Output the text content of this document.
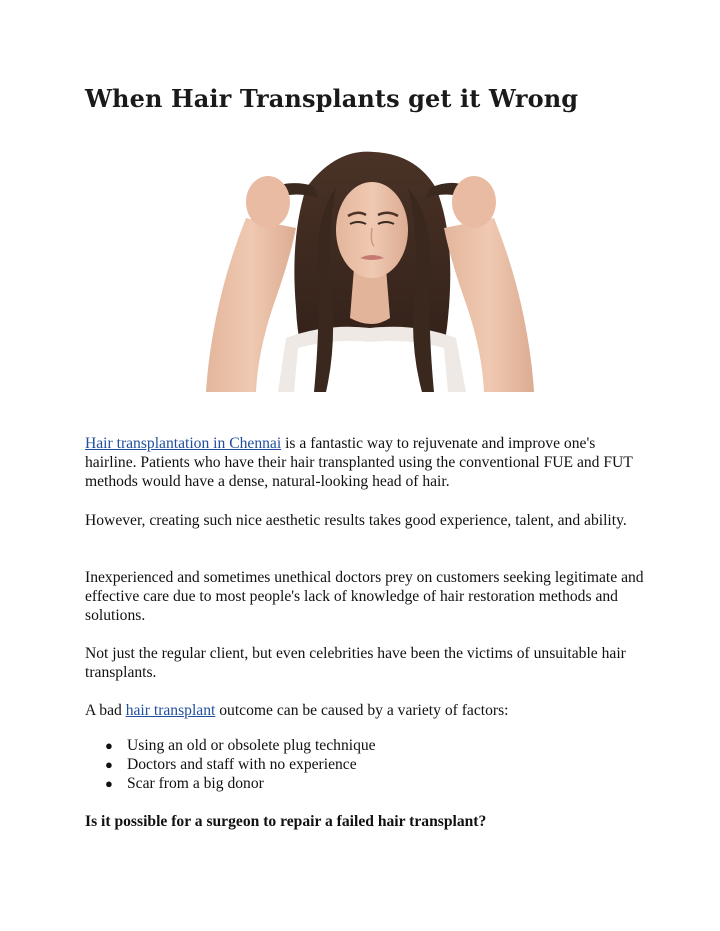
When Hair Transplants get it Wrong

Hair transplantation in Chennai is a fantastic way to rejuvenate and improve one's hairline. Patients who have their hair transplanted using the conventional FUE and FUT methods would have a dense, natural-looking head of hair.

However, creating such nice aesthetic results takes good experience, talent, and ability.

Inexperienced and sometimes unethical doctors prey on customers seeking legitimate and effective care due to most people's lack of knowledge of hair restoration methods and solutions.

Not just the regular client, but even celebrities have been the victims of unsuitable hair transplants.

A bad hair transplant outcome can be caused by a variety of factors:

● Using an old or obsolete plug technique
● Doctors and staff with no experience
● Scar from a big donor

Is it possible for a surgeon to repair a failed hair transplant?
